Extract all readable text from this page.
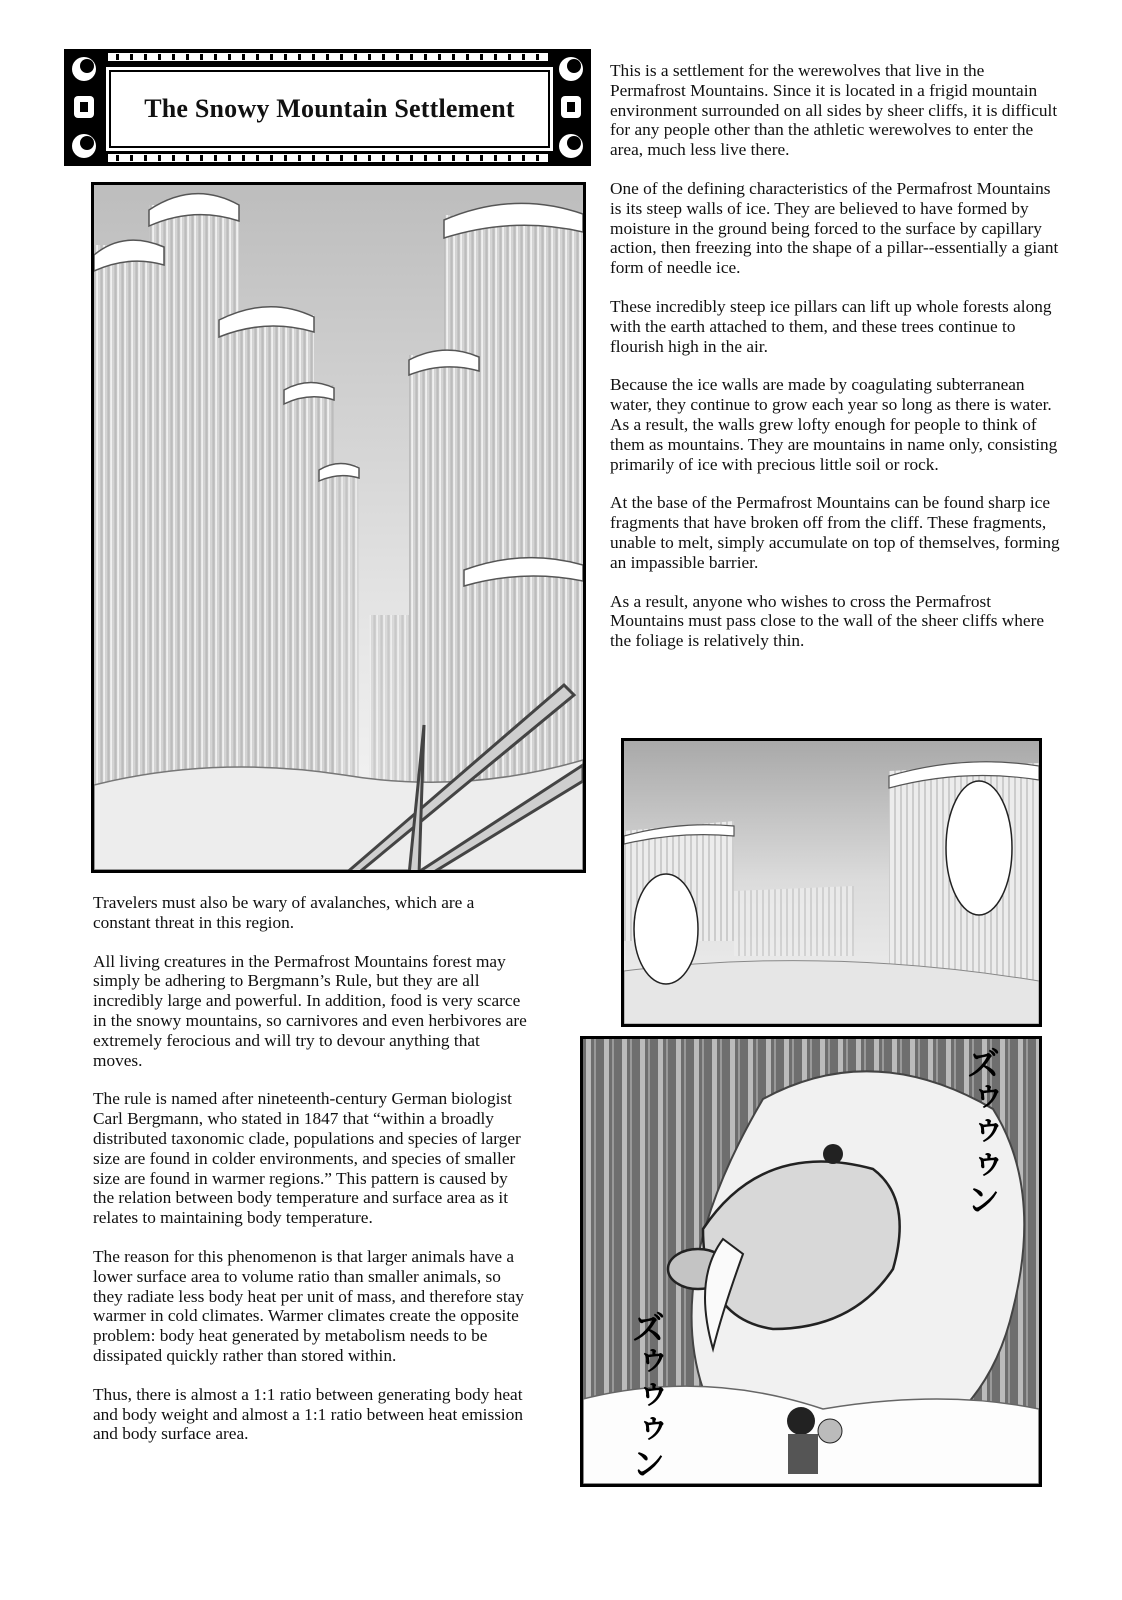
The Snowy Mountain Settlement

This is a settlement for the werewolves that live in the Permafrost Mountains. Since it is located in a frigid mountain environment surrounded on all sides by sheer cliffs, it is difficult for any people other than the athletic werewolves to enter the area, much less live there.

One of the defining characteristics of the Permafrost Mountains is its steep walls of ice. They are believed to have formed by moisture in the ground being forced to the surface by capillary action, then freezing into the shape of a pillar--essentially a giant form of needle ice.

These incredibly steep ice pillars can lift up whole forests along with the earth attached to them, and these trees continue to flourish high in the air.

Because the ice walls are made by coagulating subterranean water, they continue to grow each year so long as there is water. As a result, the walls grew lofty enough for people to think of them as mountains. They are mountains in name only, consisting primarily of ice with precious little soil or rock.

At the base of the Permafrost Mountains can be found sharp ice fragments that have broken off from the cliff. These fragments, unable to melt, simply accumulate on top of themselves, forming an impassible barrier.

As a result, anyone who wishes to cross the Permafrost Mountains must pass close to the wall of the sheer cliffs where the foliage is relatively thin.

Travelers must also be wary of avalanches, which are a constant threat in this region.

All living creatures in the Permafrost Mountains forest may simply be adhering to Bergmann’s Rule, but they are all incredibly large and powerful. In addition, food is very scarce in the snowy mountains, so carnivores and even herbivores are extremely ferocious and will try to devour anything that moves.

The rule is named after nineteenth-century German biologist Carl Bergmann, who stated in 1847 that “within a broadly distributed taxonomic clade, populations and species of larger size are found in colder environments, and species of smaller size are found in warmer regions.” This pattern is caused by the relation between body temperature and surface area as it relates to maintaining body temperature.

The reason for this phenomenon is that larger animals have a lower surface area to volume ratio than smaller animals, so they radiate less body heat per unit of mass, and therefore stay warmer in cold climates. Warmer climates create the opposite problem: body heat generated by metabolism needs to be dissipated quickly rather than stored within.

Thus, there is almost a 1:1 ratio between generating body heat and body weight and almost a 1:1 ratio between heat emission and body surface area.

ズゥゥゥン
ズゥゥゥン
